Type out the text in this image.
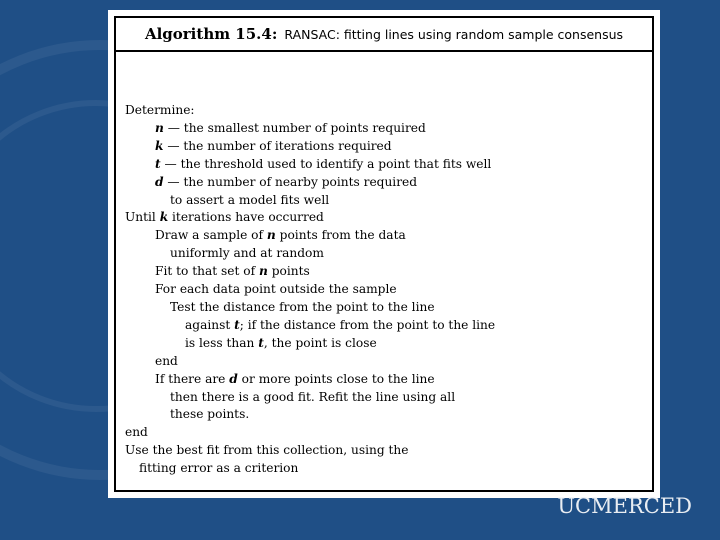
Algorithm 15.4: RANSAC: fitting lines using random sample consensus
Determine:
n — the smallest number of points required
k — the number of iterations required
t — the threshold used to identify a point that fits well
d — the number of nearby points required
to assert a model fits well
Until k iterations have occurred
Draw a sample of n points from the data
uniformly and at random
Fit to that set of n points
For each data point outside the sample
Test the distance from the point to the line
against t; if the distance from the point to the line
is less than t, the point is close
end
If there are d or more points close to the line
then there is a good fit. Refit the line using all
these points.
end
Use the best fit from this collection, using the
fitting error as a criterion
UCMERCED
